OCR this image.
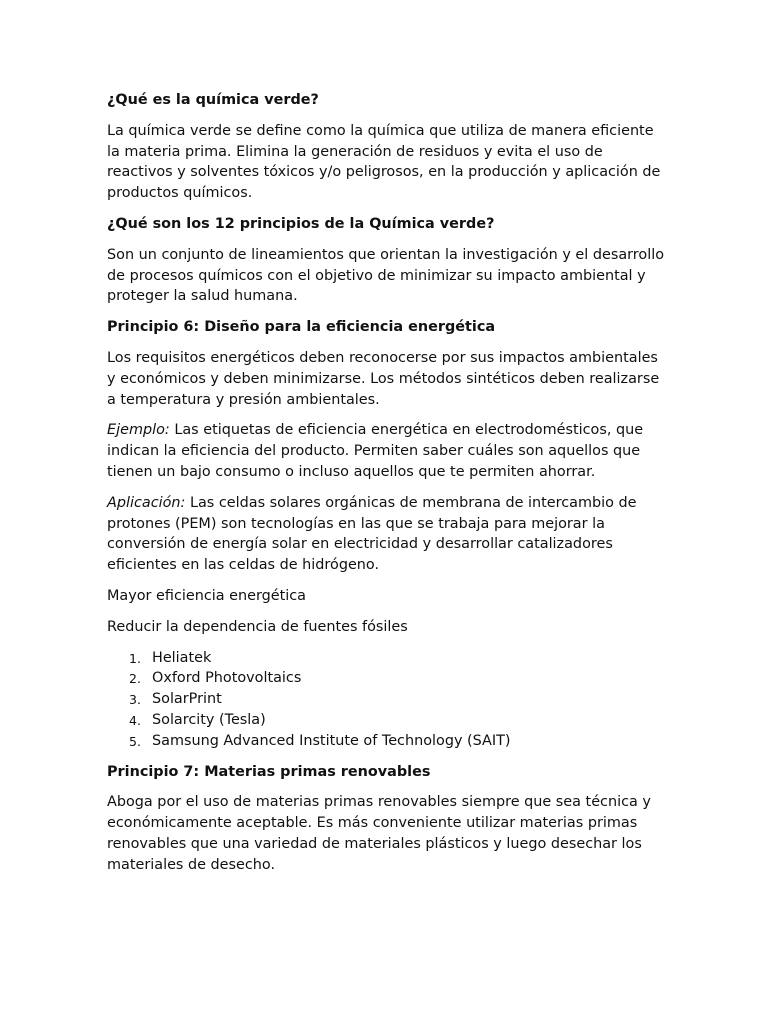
¿Qué es la química verde?
La química verde se define como la química que utiliza de manera eficiente la materia prima. Elimina la generación de residuos y evita el uso de reactivos y solventes tóxicos y/o peligrosos, en la producción y aplicación de productos químicos.
¿Qué son los 12 principios de la Química verde?
Son un conjunto de lineamientos que orientan la investigación y el desarrollo de procesos químicos con el objetivo de minimizar su impacto ambiental y proteger la salud humana.
Principio 6: Diseño para la eficiencia energética
Los requisitos energéticos deben reconocerse por sus impactos ambientales y económicos y deben minimizarse. Los métodos sintéticos deben realizarse a temperatura y presión ambientales.
Ejemplo: Las etiquetas de eficiencia energética en electrodomésticos, que indican la eficiencia del producto. Permiten saber cuáles son aquellos que tienen un bajo consumo o incluso aquellos que te permiten ahorrar.
Aplicación: Las celdas solares orgánicas de membrana de intercambio de protones (PEM) son tecnologías en las que se trabaja para mejorar la conversión de energía solar en electricidad y desarrollar catalizadores eficientes en las celdas de hidrógeno.
Mayor eficiencia energética
Reducir la dependencia de fuentes fósiles
1. Heliatek
2. Oxford Photovoltaics
3. SolarPrint
4. Solarcity (Tesla)
5. Samsung Advanced Institute of Technology (SAIT)
Principio 7: Materias primas renovables
Aboga por el uso de materias primas renovables siempre que sea técnica y económicamente aceptable. Es más conveniente utilizar materias primas renovables que una variedad de materiales plásticos y luego desechar los materiales de desecho.
